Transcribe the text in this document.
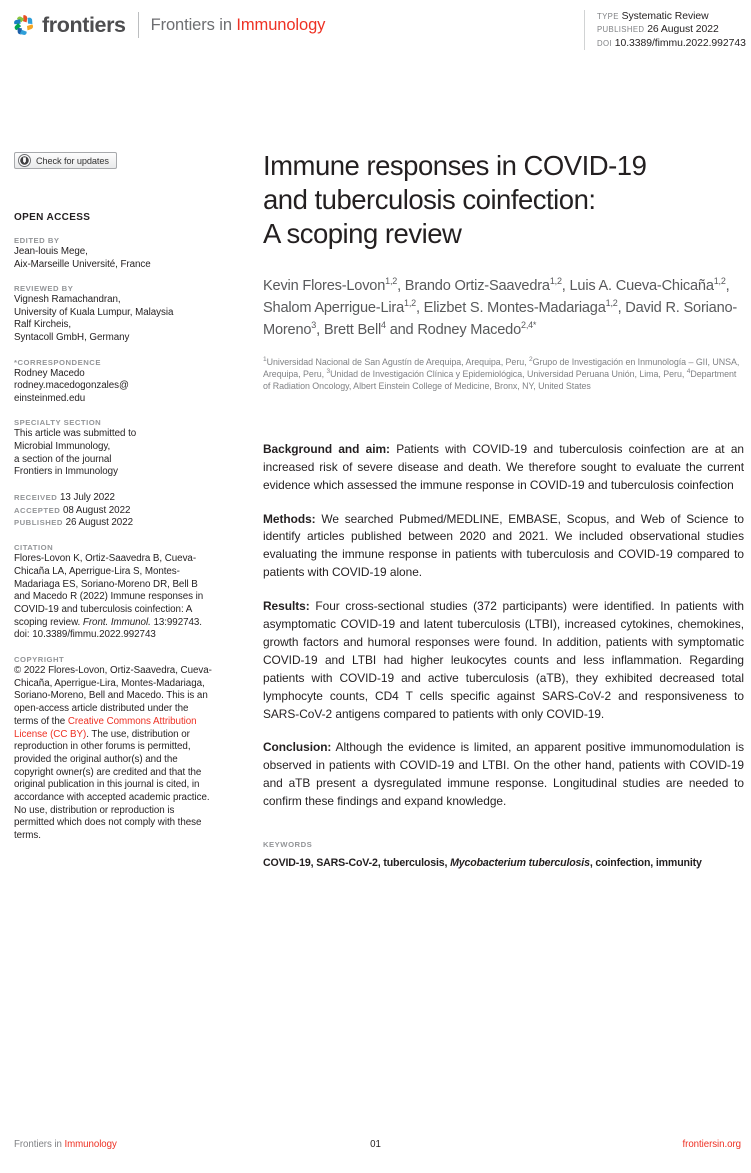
frontiers Frontiers in Immunology	TYPE Systematic Review
PUBLISHED 26 August 2022
DOI 10.3389/fimmu.2022.992743
Check for updates
OPEN ACCESS
EDITED BY
Jean-louis Mege,
Aix-Marseille Université, France
REVIEWED BY
Vignesh Ramachandran,
University of Kuala Lumpur, Malaysia
Ralf Kircheis,
Syntacoll GmbH, Germany
*CORRESPONDENCE
Rodney Macedo
rodney.macedogonzales@
einsteinmed.edu
SPECIALTY SECTION
This article was submitted to
Microbial Immunology,
a section of the journal
Frontiers in Immunology
RECEIVED 13 July 2022
ACCEPTED 08 August 2022
PUBLISHED 26 August 2022
CITATION
Flores-Lovon K, Ortiz-Saavedra B, Cueva-Chicaña LA, Aperrigue-Lira S, Montes-Madariaga ES, Soriano-Moreno DR, Bell B and Macedo R (2022) Immune responses in COVID-19 and tuberculosis coinfection: A scoping review. Front. Immunol. 13:992743.
doi: 10.3389/fimmu.2022.992743
COPYRIGHT
© 2022 Flores-Lovon, Ortiz-Saavedra, Cueva-Chicaña, Aperrigue-Lira, Montes-Madariaga, Soriano-Moreno, Bell and Macedo. This is an open-access article distributed under the terms of the Creative Commons Attribution License (CC BY). The use, distribution or reproduction in other forums is permitted, provided the original author(s) and the copyright owner(s) are credited and that the original publication in this journal is cited, in accordance with accepted academic practice. No use, distribution or reproduction is permitted which does not comply with these terms.
Immune responses in COVID-19
and tuberculosis coinfection:
A scoping review
Kevin Flores-Lovon$^{1,2}$, Brando Ortiz-Saavedra$^{1,2}$, Luis A. Cueva-Chicaña$^{1,2}$, Shalom Aperrigue-Lira$^{1,2}$, Elizbet S. Montes-Madariaga$^{1,2}$, David R. Soriano-Moreno$^3$, Brett Bell$^4$ and Rodney Macedo$^{2,4*}$
$^1$Universidad Nacional de San Agustín de Arequipa, Arequipa, Peru, $^2$Grupo de Investigación en Inmunología – GII, UNSA, Arequipa, Peru, $^3$Unidad de Investigación Clínica y Epidemiológica, Universidad Peruana Unión, Lima, Peru, $^4$Department of Radiation Oncology, Albert Einstein College of Medicine, Bronx, NY, United States
Background and aim: Patients with COVID-19 and tuberculosis coinfection are at an increased risk of severe disease and death. We therefore sought to evaluate the current evidence which assessed the immune response in COVID-19 and tuberculosis coinfection
Methods: We searched Pubmed/MEDLINE, EMBASE, Scopus, and Web of Science to identify articles published between 2020 and 2021. We included observational studies evaluating the immune response in patients with tuberculosis and COVID-19 compared to patients with COVID-19 alone.
Results: Four cross-sectional studies (372 participants) were identified. In patients with asymptomatic COVID-19 and latent tuberculosis (LTBI), increased cytokines, chemokines, growth factors and humoral responses were found. In addition, patients with symptomatic COVID-19 and LTBI had higher leukocytes counts and less inflammation. Regarding patients with COVID-19 and active tuberculosis (aTB), they exhibited decreased total lymphocyte counts, CD4 T cells specific against SARS-CoV-2 and responsiveness to SARS-CoV-2 antigens compared to patients with only COVID-19.
Conclusion: Although the evidence is limited, an apparent positive immunomodulation is observed in patients with COVID-19 and LTBI. On the other hand, patients with COVID-19 and aTB present a dysregulated immune response. Longitudinal studies are needed to confirm these findings and expand knowledge.
KEYWORDS
COVID-19, SARS-CoV-2, tuberculosis, Mycobacterium tuberculosis, coinfection, immunity
Frontiers in Immunology	01	frontiersin.org
